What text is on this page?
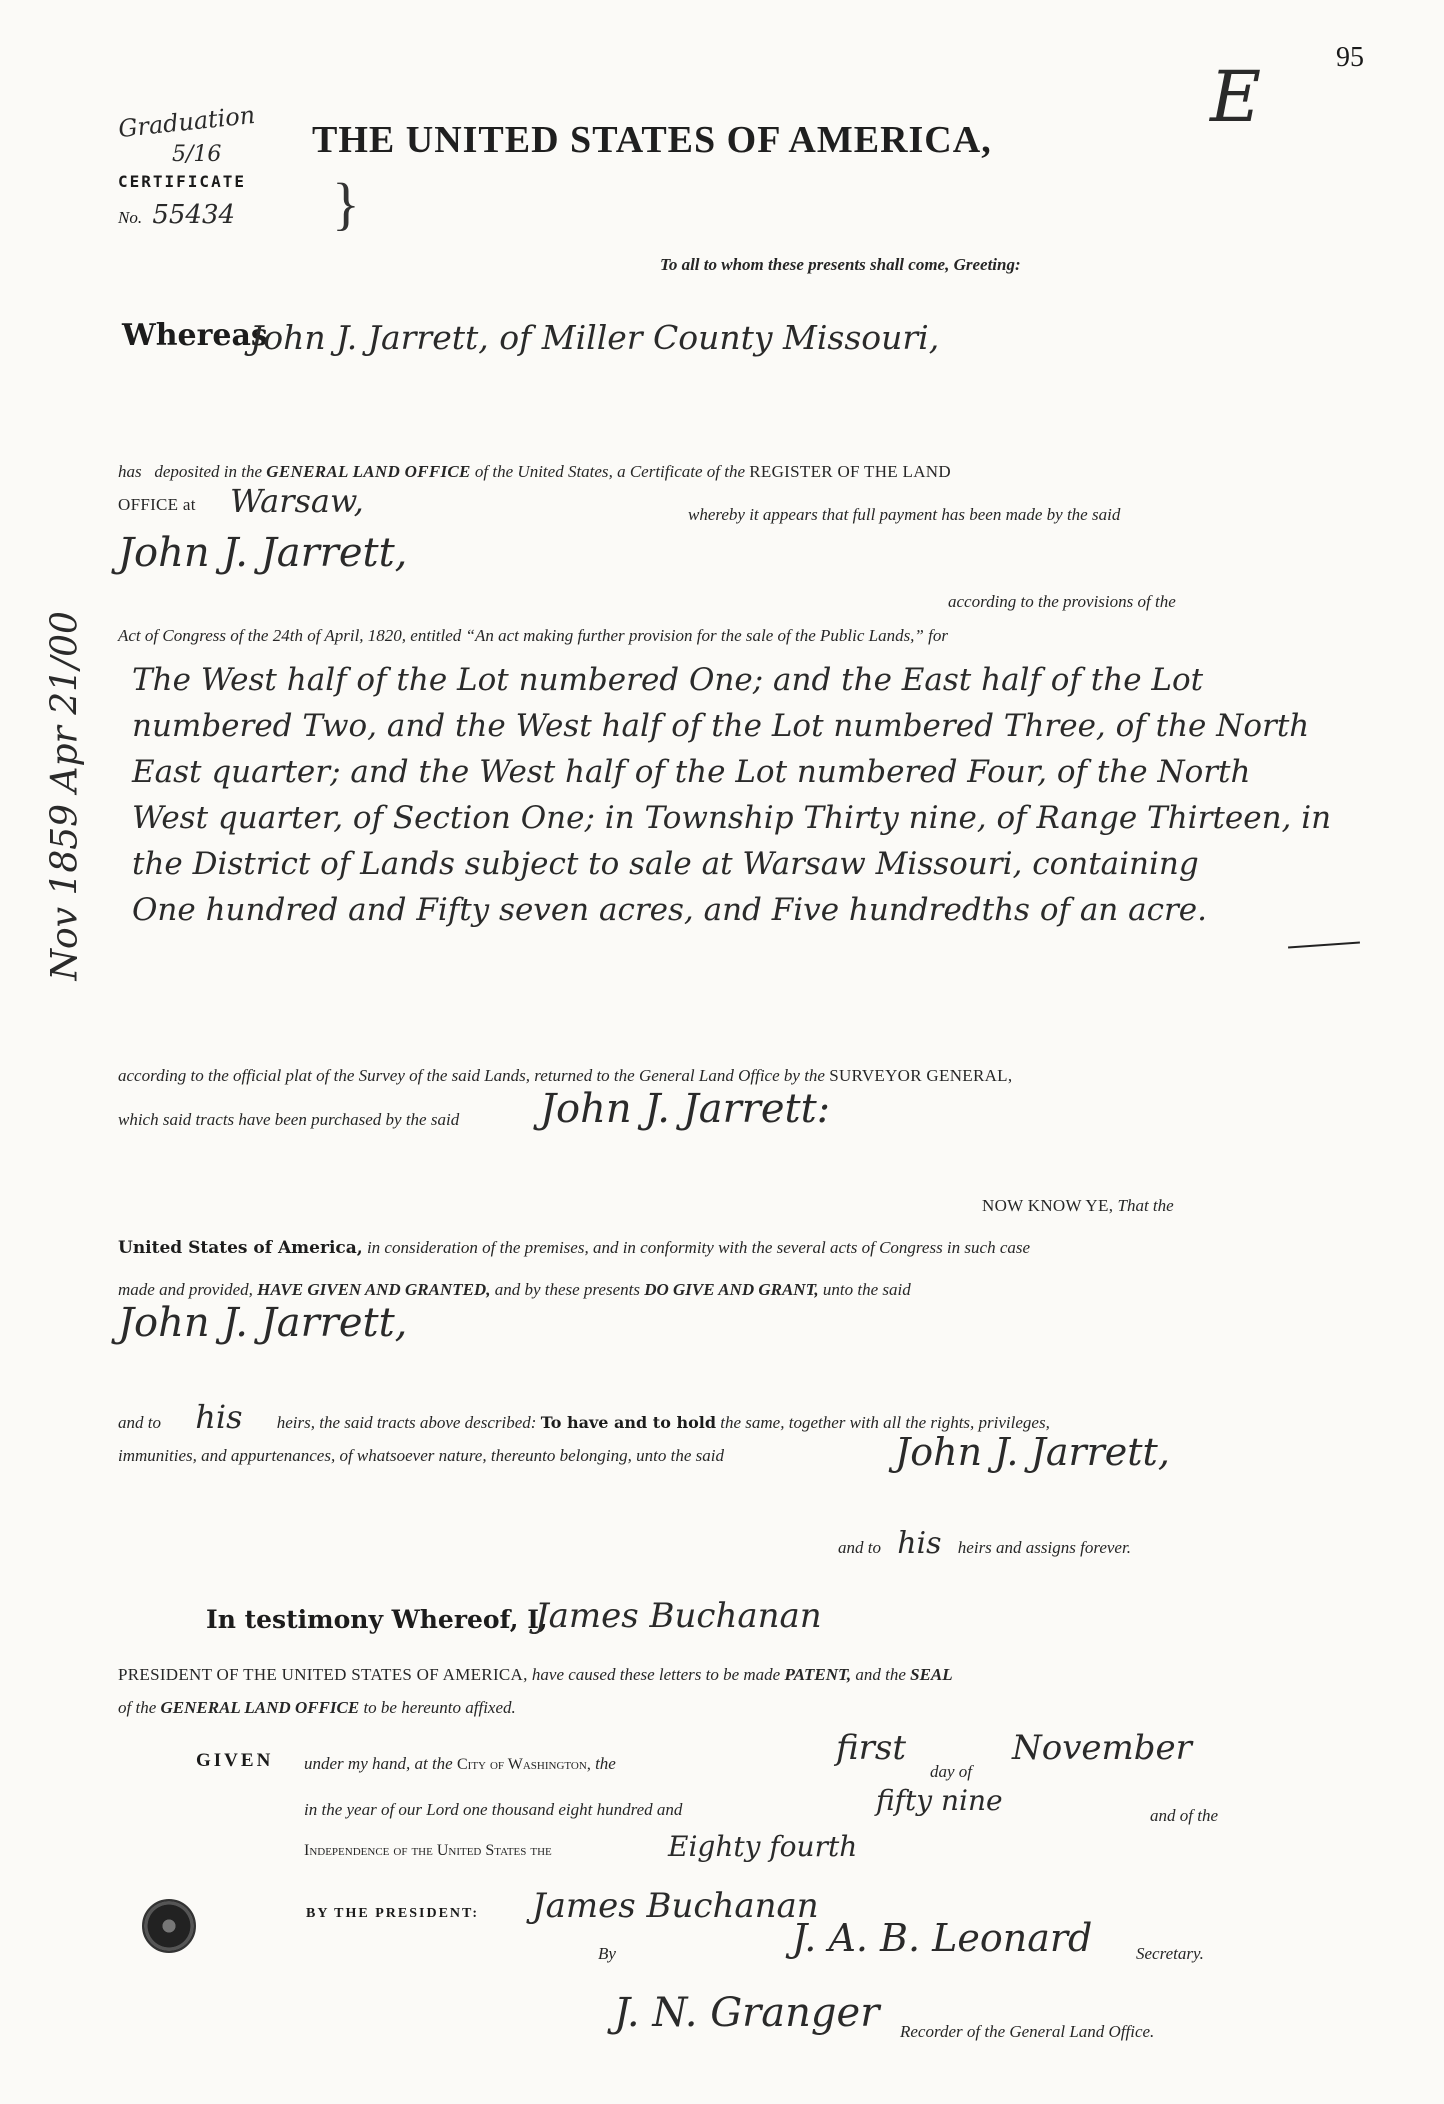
95
E
Graduation
5/16
CERTIFICATE
No. 55434 }
THE UNITED STATES OF AMERICA,
To all to whom these presents shall come, Greeting:
Whereas
John J. Jarrett, of Miller County Missouri,
Nov 1859 Apr 21/00
has deposited in the GENERAL LAND OFFICE of the United States, a Certificate of the REGISTER OF THE LAND
OFFICE at Warsaw,	whereby it appears that full payment has been made by the said
John J. Jarrett,
according to the provisions of the
Act of Congress of the 24th of April, 1820, entitled “An act making further provision for the sale of the Public Lands,” for
The West half of the Lot numbered One; and the East half of the Lot
numbered Two, and the West half of the Lot numbered Three, of the North
East quarter; and the West half of the Lot numbered Four, of the North
West quarter, of Section One; in Township Thirty nine, of Range Thirteen, in
the District of Lands subject to sale at Warsaw Missouri, containing
One hundred and Fifty seven acres, and Five hundredths of an acre.
according to the official plat of the Survey of the said Lands, returned to the General Land Office by the SURVEYOR GENERAL,
which said tracts have been purchased by the said John J. Jarrett:
NOW KNOW YE, That the
United States of America, in consideration of the premises, and in conformity with the several acts of Congress in such case
made and provided, HAVE GIVEN AND GRANTED, and by these presents DO GIVE AND GRANT, unto the said
John J. Jarrett,
and to his heirs, the said tracts above described: To have and to hold the same, together with all the rights, privileges,
immunities, and appurtenances, of whatsoever nature, thereunto belonging, unto the said	John J. Jarrett,
and to his heirs and assigns forever.
In testimony Whereof, I,
James Buchanan
PRESIDENT OF THE UNITED STATES OF AMERICA, have caused these letters to be made PATENT, and the SEAL
of the GENERAL LAND OFFICE to be hereunto affixed.
GIVEN under my hand, at the City of Washington, the	first
day of
November
in the year of our Lord one thousand eight hundred and	fifty nine	and of the
Independence of the United States the	Eighty fourth
BY THE PRESIDENT: James Buchanan
By	J. A. B. Leonard	Secretary.
J. N. Granger Recorder of the General Land Office.
